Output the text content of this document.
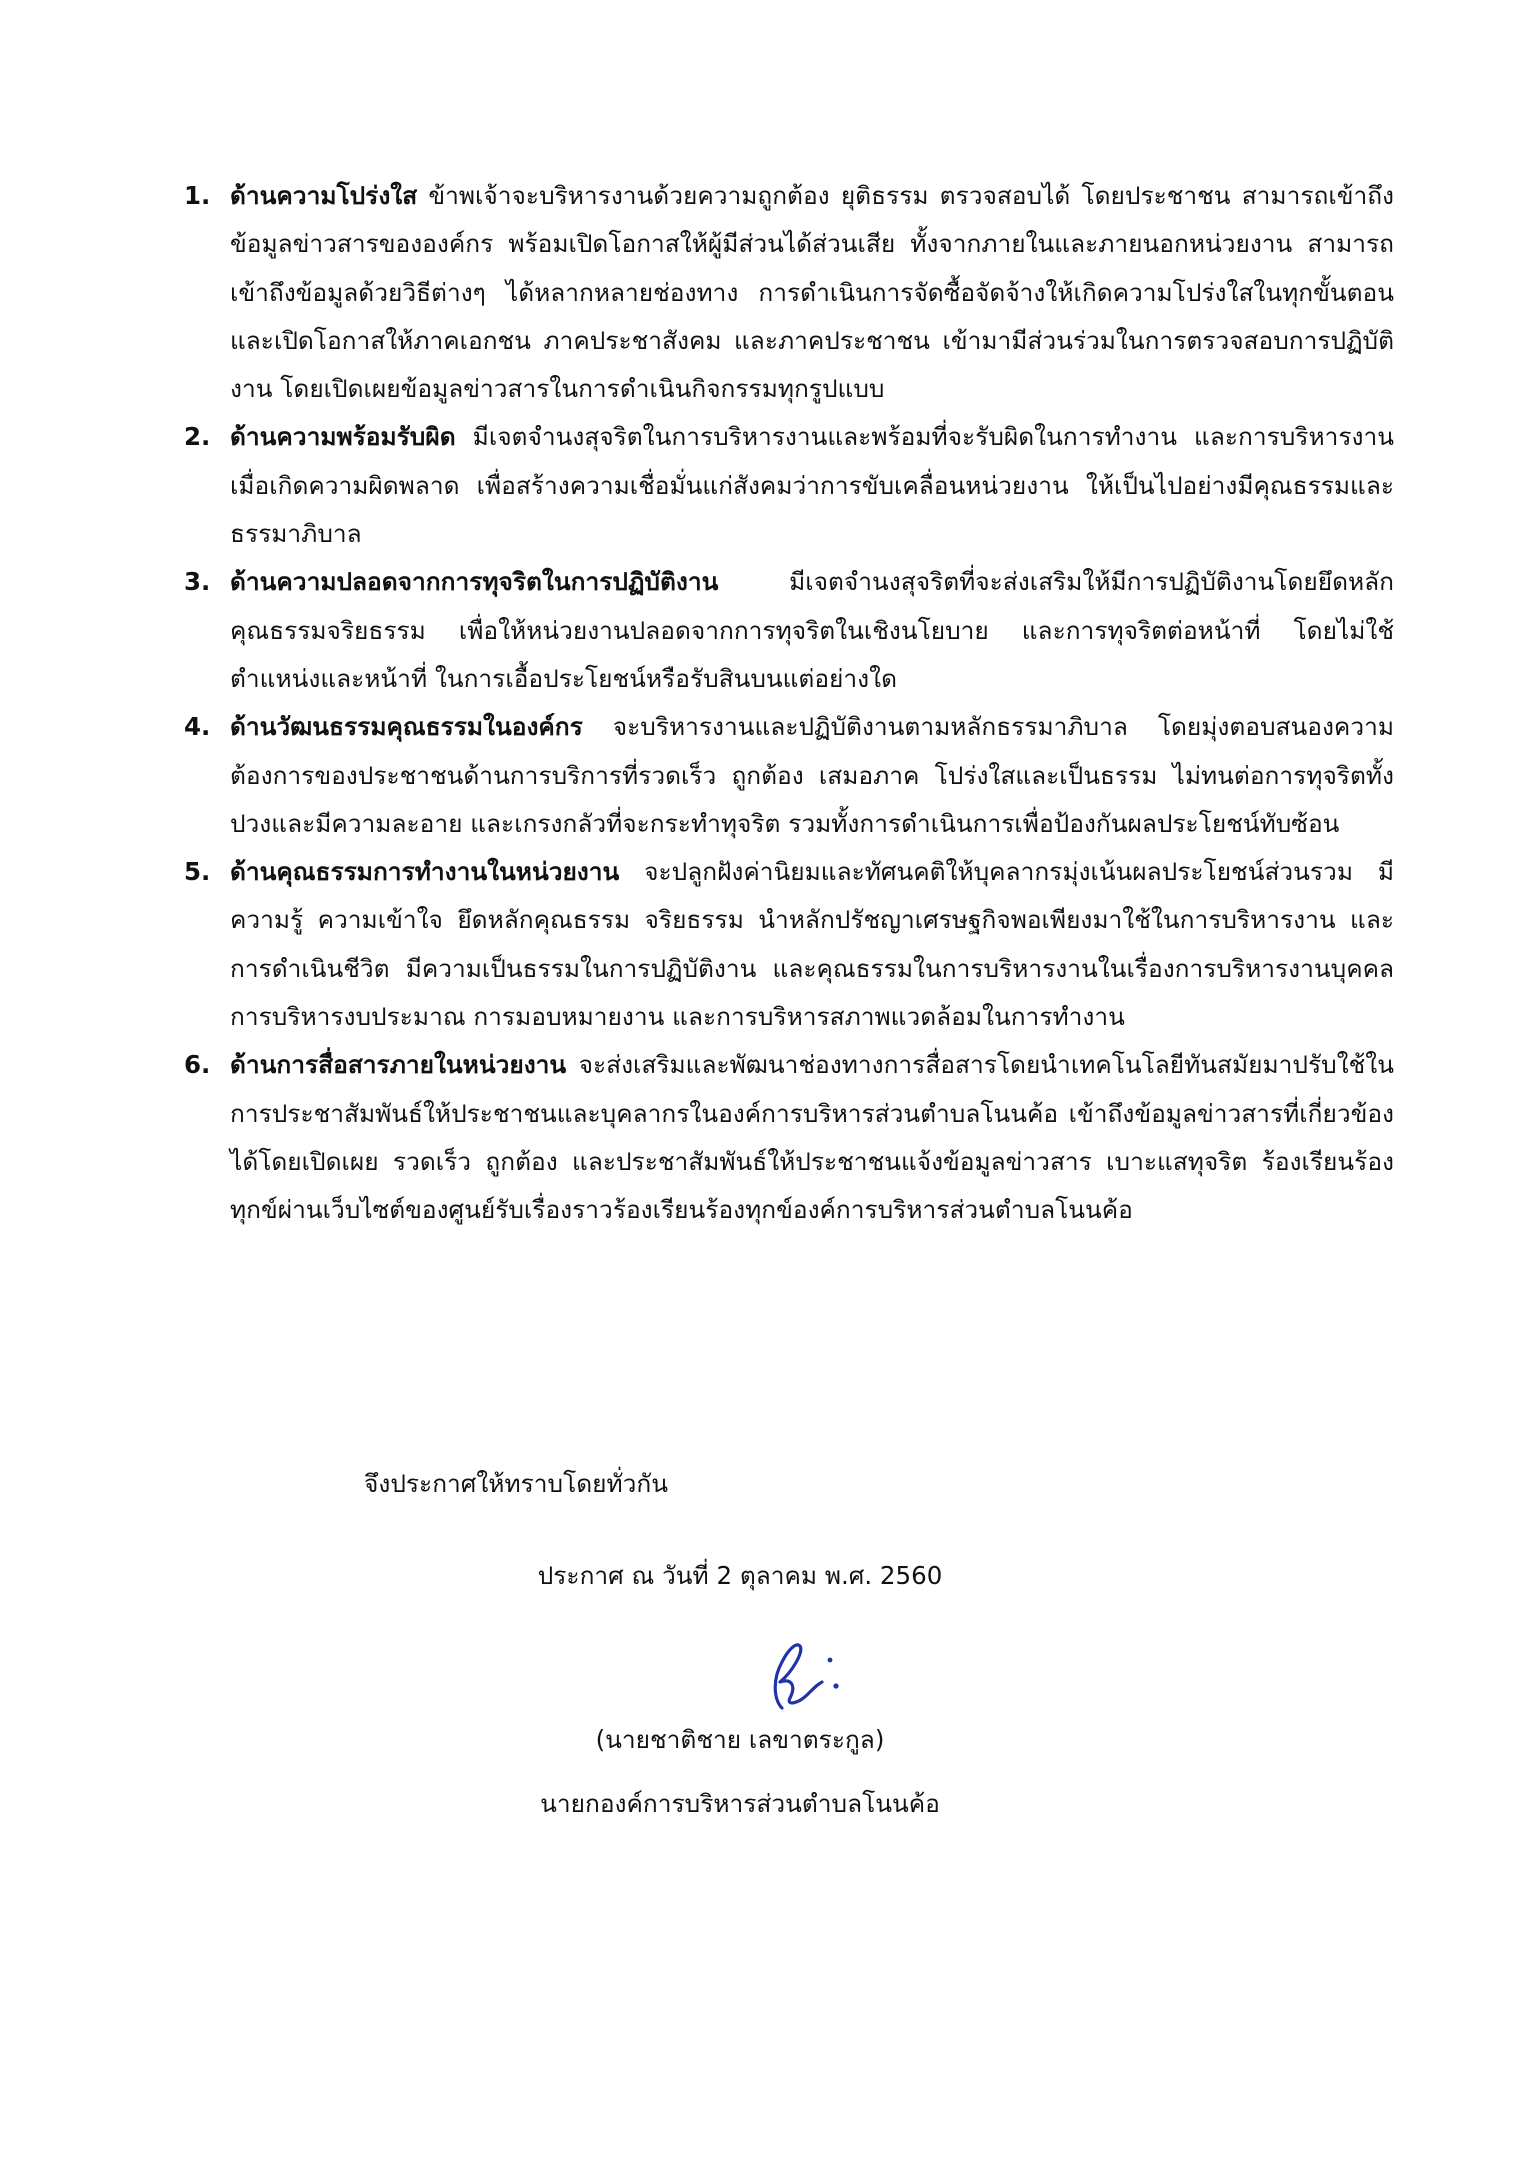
1. ด้านความโปร่งใส ข้าพเจ้าจะบริหารงานด้วยความถูกต้อง ยุติธรรม ตรวจสอบได้ โดยประชาชน สามารถเข้าถึงข้อมูลข่าวสารขององค์กร พร้อมเปิดโอกาสให้ผู้มีส่วนได้ส่วนเสีย ทั้งจากภายในและภายนอกหน่วยงาน สามารถเข้าถึงข้อมูลด้วยวิธีต่างๆ ได้หลากหลายช่องทาง การดำเนินการจัดซื้อจัดจ้างให้เกิดความโปร่งใสในทุกขั้นตอน และเปิดโอกาสให้ภาคเอกชน ภาคประชาสังคม และภาคประชาชน เข้ามามีส่วนร่วมในการตรวจสอบการปฏิบัติงาน โดยเปิดเผยข้อมูลข่าวสารในการดำเนินกิจกรรมทุกรูปแบบ
2. ด้านความพร้อมรับผิด มีเจตจำนงสุจริตในการบริหารงานและพร้อมที่จะรับผิดในการทำงาน และการบริหารงานเมื่อเกิดความผิดพลาด เพื่อสร้างความเชื่อมั่นแก่สังคมว่าการขับเคลื่อนหน่วยงาน ให้เป็นไปอย่างมีคุณธรรมและธรรมาภิบาล
3. ด้านความปลอดจากการทุจริตในการปฏิบัติงาน มีเจตจำนงสุจริตที่จะส่งเสริมให้มีการปฏิบัติงานโดยยึดหลักคุณธรรมจริยธรรม เพื่อให้หน่วยงานปลอดจากการทุจริตในเชิงนโยบาย และการทุจริตต่อหน้าที่ โดยไม่ใช้ตำแหน่งและหน้าที่ ในการเอื้อประโยชน์หรือรับสินบนแต่อย่างใด
4. ด้านวัฒนธรรมคุณธรรมในองค์กร จะบริหารงานและปฏิบัติงานตามหลักธรรมาภิบาล โดยมุ่งตอบสนองความต้องการของประชาชนด้านการบริการที่รวดเร็ว ถูกต้อง เสมอภาค โปร่งใสและเป็นธรรม ไม่ทนต่อการทุจริตทั้งปวงและมีความละอาย และเกรงกลัวที่จะกระทำทุจริต รวมทั้งการดำเนินการเพื่อป้องกันผลประโยชน์ทับซ้อน
5. ด้านคุณธรรมการทำงานในหน่วยงาน จะปลูกฝังค่านิยมและทัศนคติให้บุคลากรมุ่งเน้นผลประโยชน์ส่วนรวม มีความรู้ ความเข้าใจ ยึดหลักคุณธรรม จริยธรรม นำหลักปรัชญาเศรษฐกิจพอเพียงมาใช้ในการบริหารงาน และการดำเนินชีวิต มีความเป็นธรรมในการปฏิบัติงาน และคุณธรรมในการบริหารงานในเรื่องการบริหารงานบุคคล การบริหารงบประมาณ การมอบหมายงาน และการบริหารสภาพแวดล้อมในการทำงาน
6. ด้านการสื่อสารภายในหน่วยงาน จะส่งเสริมและพัฒนาช่องทางการสื่อสารโดยนำเทคโนโลยีทันสมัยมาปรับใช้ในการประชาสัมพันธ์ให้ประชาชนและบุคลากรในองค์การบริหารส่วนตำบลโนนค้อ เข้าถึงข้อมูลข่าวสารที่เกี่ยวข้องได้โดยเปิดเผย รวดเร็ว ถูกต้อง และประชาสัมพันธ์ให้ประชาชนแจ้งข้อมูลข่าวสาร เบาะแสทุจริต ร้องเรียนร้องทุกข์ผ่านเว็บไซต์ของศูนย์รับเรื่องราวร้องเรียนร้องทุกข์องค์การบริหารส่วนตำบลโนนค้อ
จึงประกาศให้ทราบโดยทั่วกัน
ประกาศ ณ วันที่ 2 ตุลาคม พ.ศ. 2560
(นายชาติชาย เลขาตระกูล)
นายกองค์การบริหารส่วนตำบลโนนค้อ
